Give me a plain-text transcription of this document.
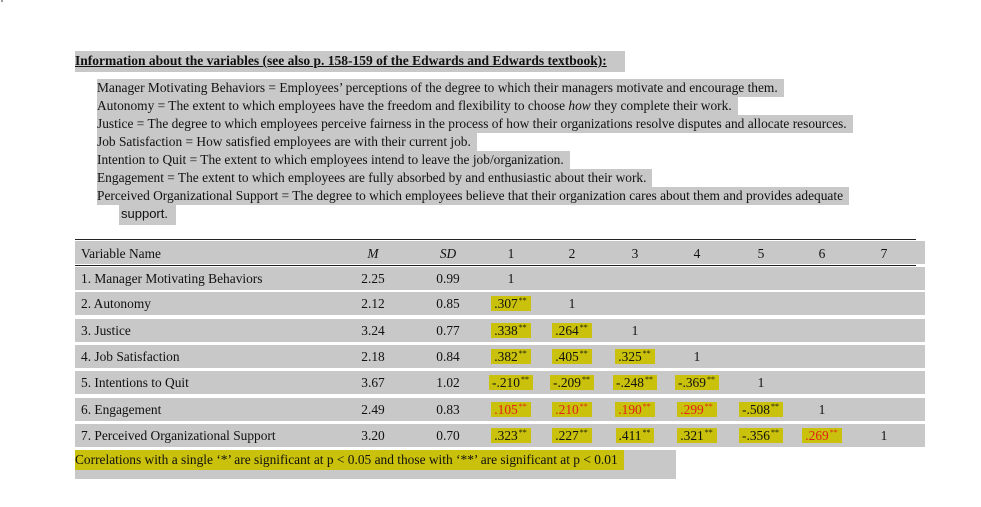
Information about the variables (see also p. 158-159 of the Edwards and Edwards textbook):
Manager Motivating Behaviors = Employees’ perceptions of the degree to which their managers motivate and encourage them.
Autonomy = The extent to which employees have the freedom and flexibility to choose how they complete their work.
Justice = The degree to which employees perceive fairness in the process of how their organizations resolve disputes and allocate resources.
Job Satisfaction = How satisfied employees are with their current job.
Intention to Quit = The extent to which employees intend to leave the job/organization.
Engagement = The extent to which employees are fully absorbed by and enthusiastic about their work.
Perceived Organizational Support = The degree to which employees believe that their organization cares about them and provides adequate
support.
Variable Name	M	SD	1	2	3	4	5	6	7
1. Manager Motivating Behaviors	2.25	0.99	1
2. Autonomy	2.12	0.85	.307**	1
3. Justice	3.24	0.77	.338**	.264**	1
4. Job Satisfaction	2.18	0.84	.382**	.405**	.325**	1
5. Intentions to Quit	3.67	1.02	-.210**	-.209**	-.248**	-.369**	1
6. Engagement	2.49	0.83	.105**	.210**	.190**	.299**	-.508**	1
7. Perceived Organizational Support	3.20	0.70	.323**	.227**	.411**	.321**	-.356**	.269**	1
Correlations with a single ‘*’ are significant at p < 0.05 and those with ‘**’ are significant at p < 0.01
